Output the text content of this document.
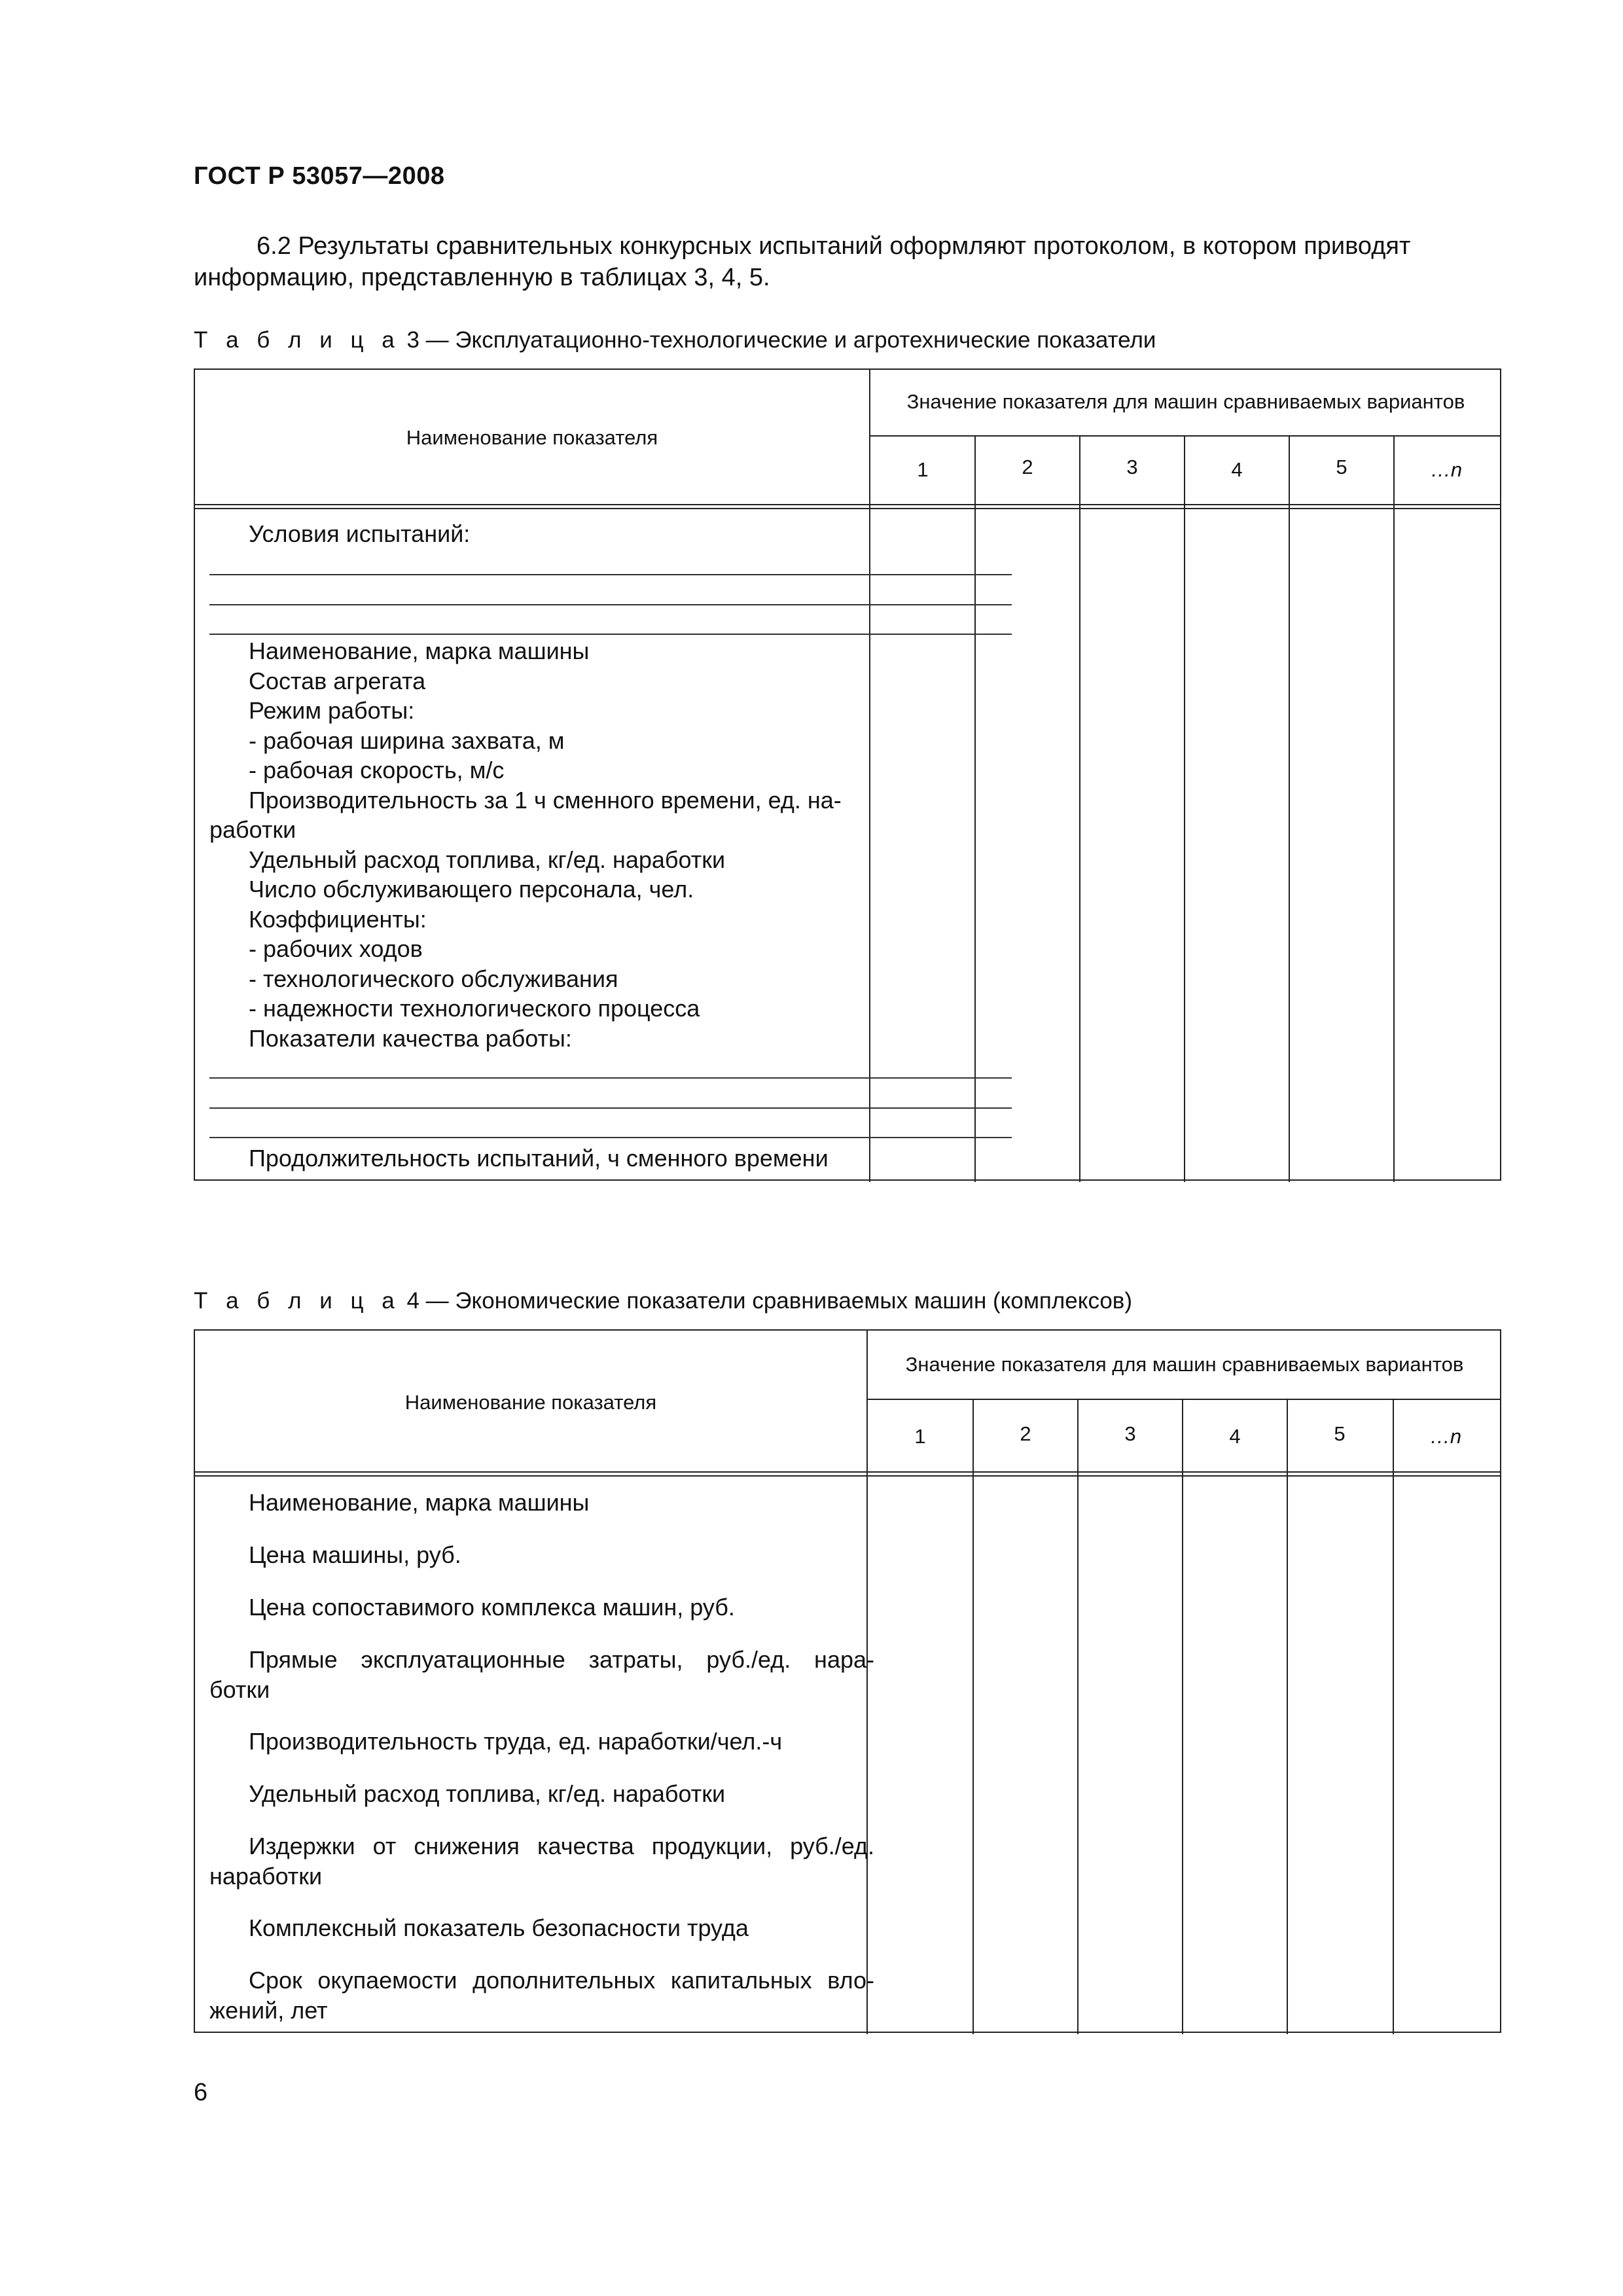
ГОСТ Р 53057—2008
6.2 Результаты сравнительных конкурсных испытаний оформляют протоколом, в котором приводят информацию, представленную в таблицах 3, 4, 5.
Т а б л и ц а 3 — Эксплуатационно-технологические и агротехнические показатели
Наименование показателя
Значение показателя для машин сравниваемых вариантов
1	2	3	4	5	…n
Условия испытаний:
Наименование, марка машины
Состав агрегата
Режим работы:
- рабочая ширина захвата, м
- рабочая скорость, м/с
Производительность за 1 ч сменного времени, ед. на-
работки
Удельный расход топлива, кг/ед. наработки
Число обслуживающего персонала, чел.
Коэффициенты:
- рабочих ходов
- технологического обслуживания
- надежности технологического процесса
Показатели качества работы:
Продолжительность испытаний, ч сменного времени
Т а б л и ц а 4 — Экономические показатели сравниваемых машин (комплексов)
Наименование показателя
Значение показателя для машин сравниваемых вариантов
1	2	3	4	5	…n
Наименование, марка машины
Цена машины, руб.
Цена сопоставимого комплекса машин, руб.
Прямые эксплуатационные затраты, руб./ед. нара-
ботки
Производительность труда, ед. наработки/чел.-ч
Удельный расход топлива, кг/ед. наработки
Издержки от снижения качества продукции, руб./ед.
наработки
Комплексный показатель безопасности труда
Срок окупаемости дополнительных капитальных вло-
жений, лет
6
